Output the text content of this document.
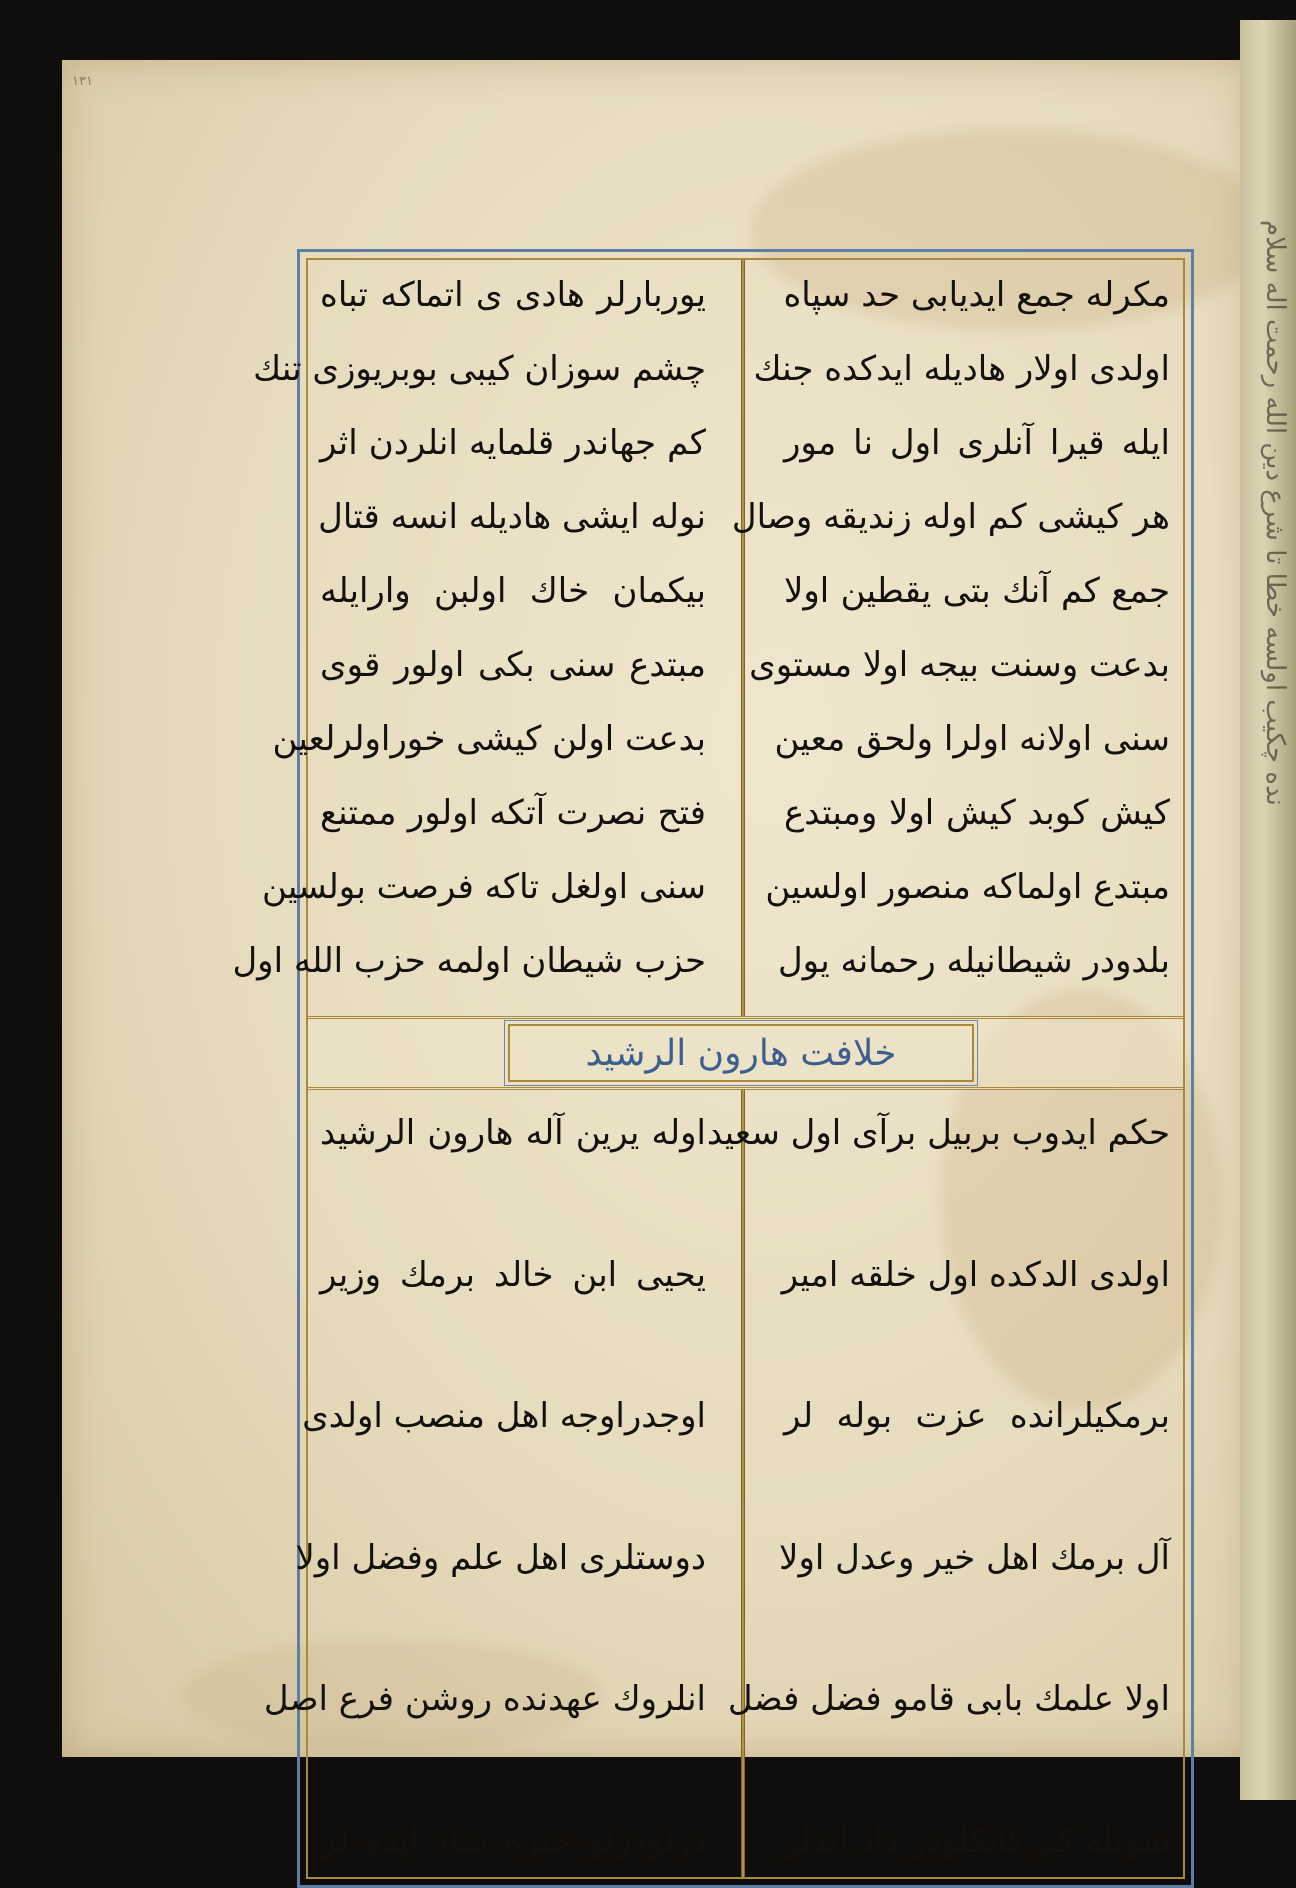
١٣١
نده چکیب اولسه خطا تا شرع دین الله رحمت اله سلام
مكرله جمع ايديابی حد سپاه
اولدی اولار هادیله ايدکده جنك
ايله قيرا آنلری اول نا مور
هر کیشی کم اوله زندیقه وصال
جمع کم آنك بتی یقطین اولا
بدعت وسنت بیجه اولا مستوی
سنی اولانه اولرا ولحق معین
کیش کوبد کیش اولا ومبتدع
مبتدع اولماکه منصور اولسین
بلدودر شیطانیله رحمانه یول
یوربارلر هادی ی اتماکه تباه
چشم سوزان کیبی بوبریوزی تنك
کم جهاندر قلمایه انلردن اثر
نوله ایشی هادیله انسه قتال
بیکمان خاك اولبن وارایله
مبتدع سنی بکی اولور قوی
بدعت اولن کیشی خوراولرلعین
فتح نصرت آتکه اولور ممتنع
سنی اولغل تاکه فرصت بولسین
حزب شیطان اولمه حزب الله اول
خلافت هارون الرشيد
حکم ایدوب بربیل برآی اول سعید
اولدی الدکده اول خلقه امیر
برمکیلرانده عزت بوله لر
آل برمك اهل خیر وعدل اولا
اولا علمك بابی قامو فضل فضل
شویله کم کانکلودر داد ایدلر
اوله یرین آله هارون الرشید
یحیی ابن خالد برمك وزیر
اوجدراوجه اهل منصب اولدی
دوستلری اهل علم وفضل اولا
انلروك عهدنده روشن فرع اصل
درلودرلو خیره بنیاد ایده لر
